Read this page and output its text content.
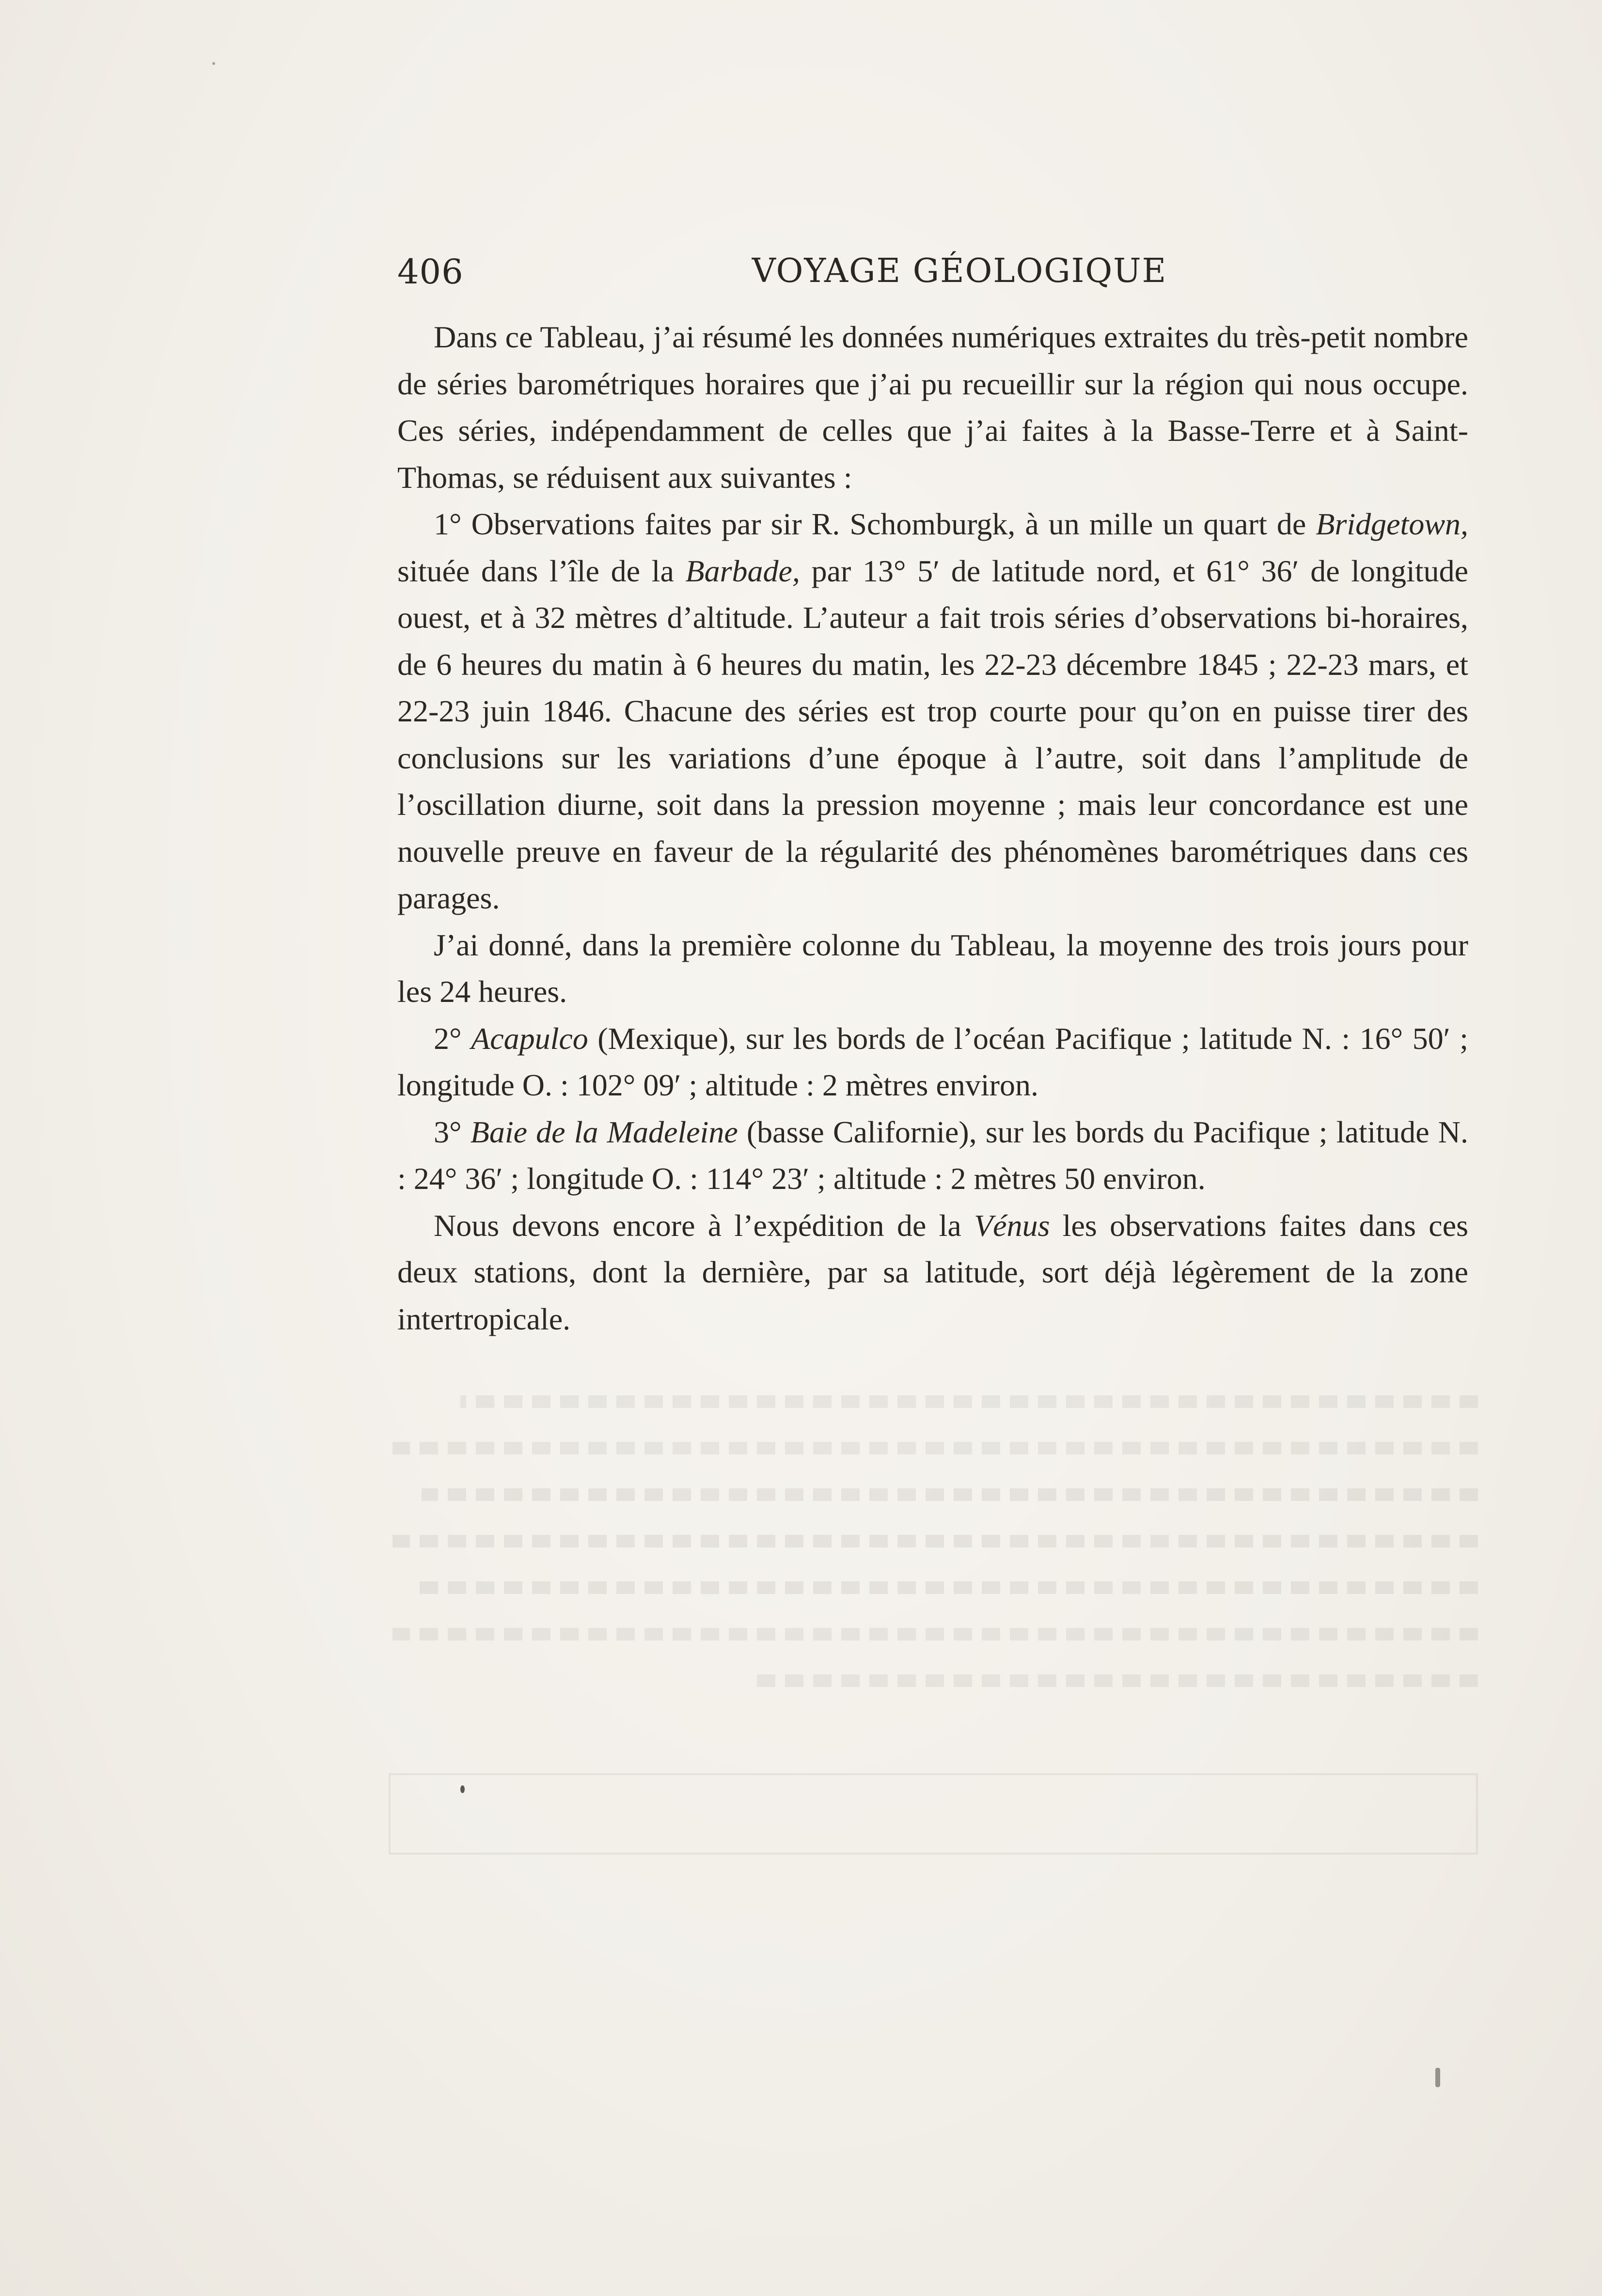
406	VOYAGE GÉOLOGIQUE

Dans ce Tableau, j’ai résumé les données numériques extraites du très-petit nombre de séries barométriques horaires que j’ai pu recueillir sur la région qui nous occupe. Ces séries, indépendamment de celles que j’ai faites à la Basse-Terre et à Saint-Thomas, se réduisent aux suivantes :

1° Observations faites par sir R. Schomburgk, à un mille un quart de Bridgetown, située dans l’île de la Barbade, par 13° 5′ de latitude nord, et 61° 36′ de longitude ouest, et à 32 mètres d’altitude. L’auteur a fait trois séries d’observations bi-horaires, de 6 heures du matin à 6 heures du matin, les 22-23 décembre 1845 ; 22-23 mars, et 22-23 juin 1846. Chacune des séries est trop courte pour qu’on en puisse tirer des conclusions sur les variations d’une époque à l’autre, soit dans l’amplitude de l’oscillation diurne, soit dans la pression moyenne ; mais leur concordance est une nouvelle preuve en faveur de la régularité des phénomènes barométriques dans ces parages.

J’ai donné, dans la première colonne du Tableau, la moyenne des trois jours pour les 24 heures.

2° Acapulco (Mexique), sur les bords de l’océan Pacifique ; latitude N. : 16° 50′ ; longitude O. : 102° 09′ ; altitude : 2 mètres environ.

3° Baie de la Madeleine (basse Californie), sur les bords du Pacifique ; latitude N. : 24° 36′ ; longitude O. : 114° 23′ ; altitude : 2 mètres 50 environ.

Nous devons encore à l’expédition de la Vénus les observations faites dans ces deux stations, dont la dernière, par sa latitude, sort déjà légèrement de la zone intertropicale.
